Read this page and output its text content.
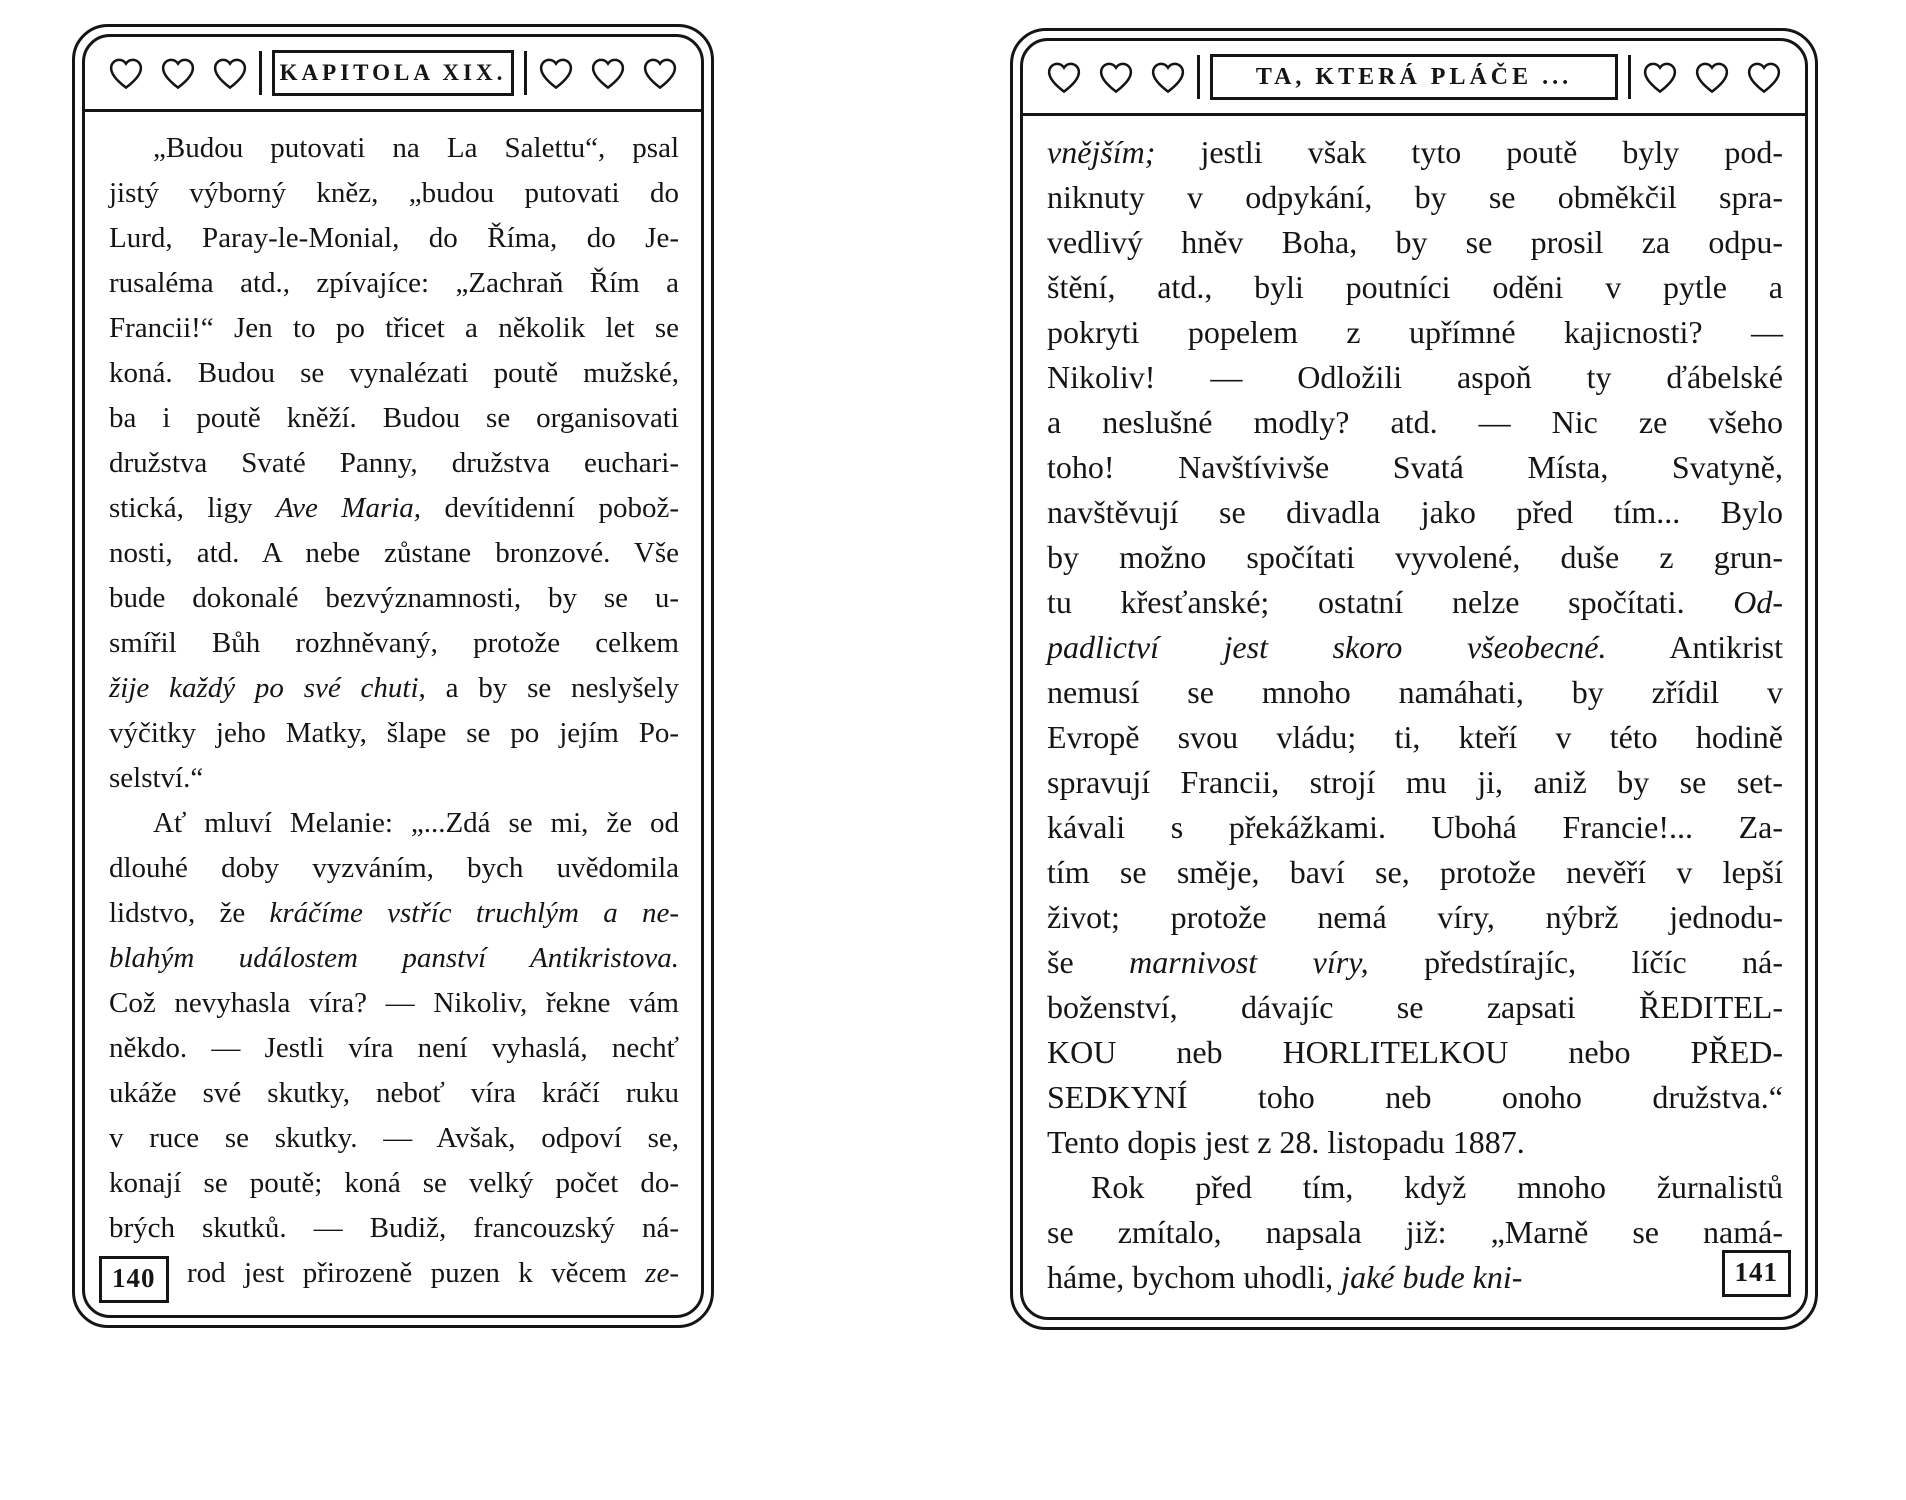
KAPITOLA XIX.
140
„Budou putovati na La Salettu“, psal
jistý výborný kněz, „budou putovati do
Lurd, Paray-le-Monial, do Říma, do Je-
rusaléma atd., zpívajíce: „Zachraň Řím a
Francii!“ Jen to po třicet a několik let se
koná. Budou se vynalézati poutě mužské,
ba i poutě kněží. Budou se organisovati
družstva Svaté Panny, družstva euchari-
stická, ligy Ave Maria, devítidenní pobož-
nosti, atd. A nebe zůstane bronzové. Vše
bude dokonalé bezvýznamnosti, by se u-
smířil Bůh rozhněvaný, protože celkem
žije každý po své chuti, a by se neslyšely
výčitky jeho Matky, šlape se po jejím Po-
selství.“
Ať mluví Melanie: „...Zdá se mi, že od
dlouhé doby vyzváním, bych uvědomila
lidstvo, že kráčíme vstříc truchlým a ne-
blahým událostem panství Antikristova.
Což nevyhasla víra? — Nikoliv, řekne vám
někdo. — Jestli víra není vyhaslá, nechť
ukáže své skutky, neboť víra kráčí ruku
v ruce se skutky. — Avšak, odpoví se,
konají se poutě; koná se velký počet do-
brých skutků. — Budiž, francouzský ná-
rod jest přirozeně puzen k věcem ze-
TA, KTERÁ PLÁČE ...
141
vnějším; jestli však tyto poutě byly pod-
niknuty v odpykání, by se obměkčil spra-
vedlivý hněv Boha, by se prosil za odpu-
štění, atd., byli poutníci oděni v pytle a
pokryti popelem z upřímné kajicnosti? —
Nikoliv! — Odložili aspoň ty ďábelské
a neslušné modly? atd. — Nic ze všeho
toho! Navštívivše Svatá Místa, Svatyně,
navštěvují se divadla jako před tím... Bylo
by možno spočítati vyvolené, duše z grun-
tu křesťanské; ostatní nelze spočítati. Od-
padlictví jest skoro všeobecné. Antikrist
nemusí se mnoho namáhati, by zřídil v
Evropě svou vládu; ti, kteří v této hodině
spravují Francii, strojí mu ji, aniž by se set-
kávali s překážkami. Ubohá Francie!... Za-
tím se směje, baví se, protože nevěří v lepší
život; protože nemá víry, nýbrž jednodu-
še marnivost víry, předstírajíc, líčíc ná-
boženství, dávajíc se zapsati ŘEDITEL-
KOU neb HORLITELKOU nebo PŘED-
SEDKYNÍ toho neb onoho družstva.“
Tento dopis jest z 28. listopadu 1887.
Rok před tím, když mnoho žurnalistů
se zmítalo, napsala již: „Marně se namá-
háme, bychom uhodli, jaké bude kni-
